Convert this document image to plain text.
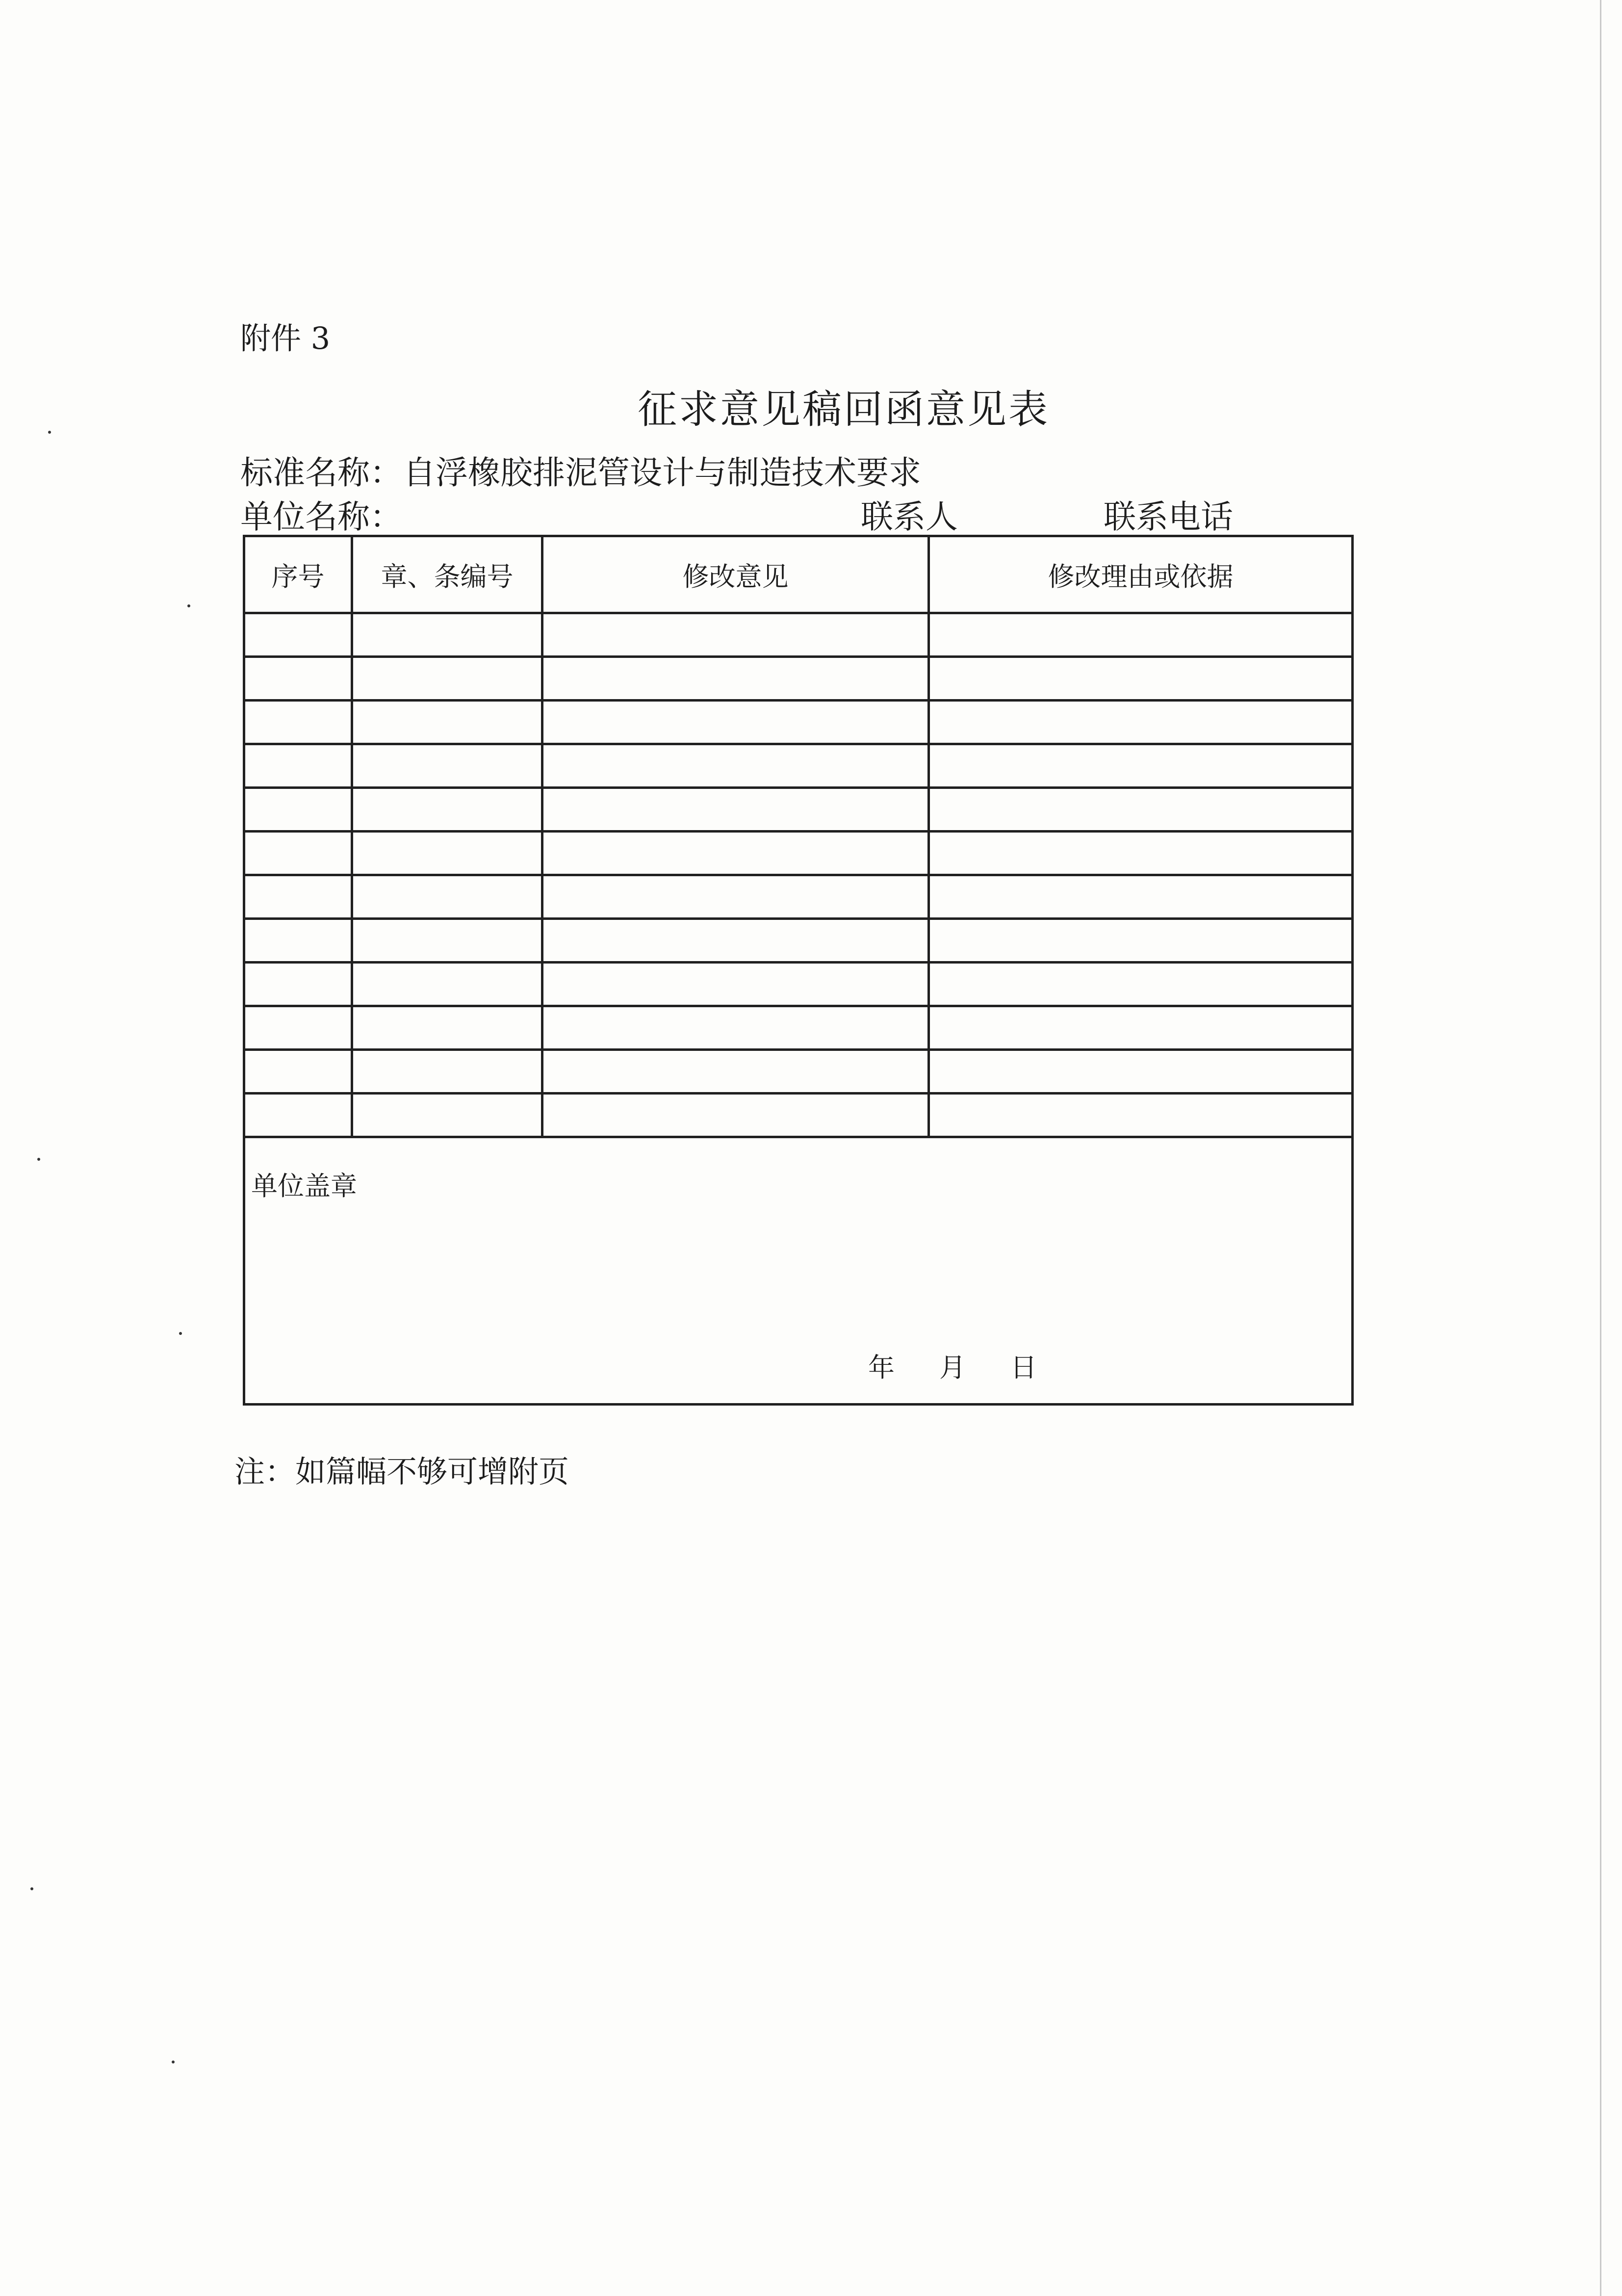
附件 3
征求意见稿回函意见表
标准名称： 自浮橡胶排泥管设计与制造技术要求
单位名称：	联系人	联系电话
序号	章、条编号	修改意见	修改理由或依据

单位盖章
年 月 日			
注：如篇幅不够可增附页
